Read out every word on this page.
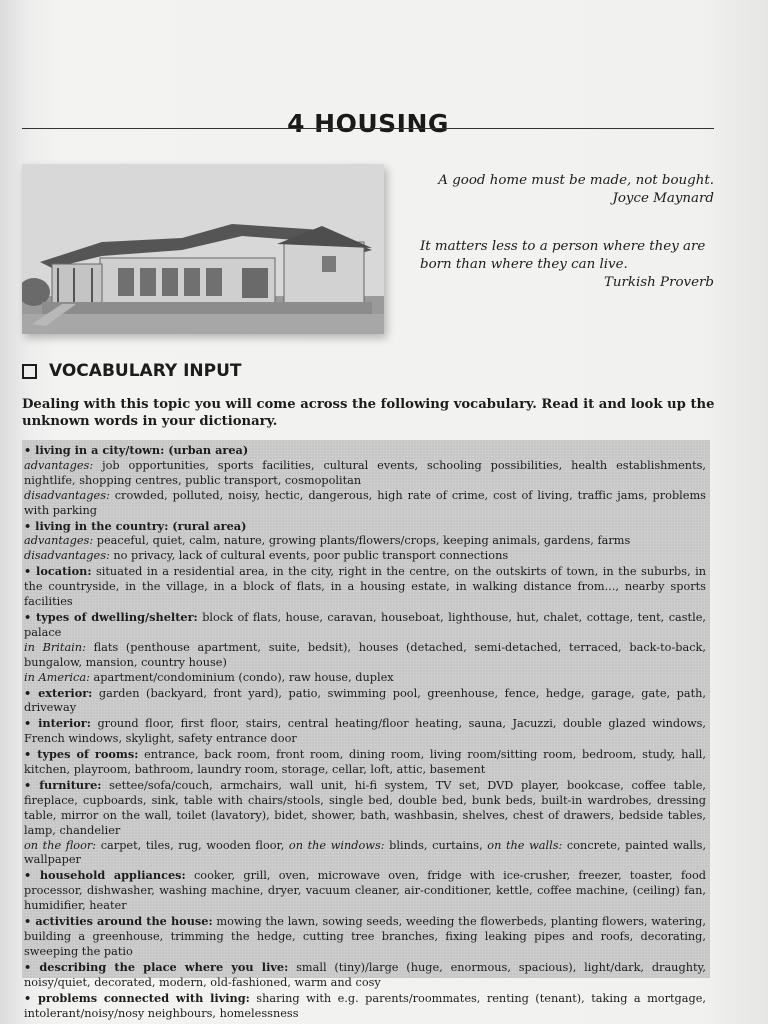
4 HOUSING
A good home must be made, not bought.
Joyce Maynard
It matters less to a person where they are born than where they can live.
Turkish Proverb
VOCABULARY INPUT
Dealing with this topic you will come across the following vocabulary. Read it and look up the unknown words in your dictionary.

• living in a city/town: (urban area)
advantages: job opportunities, sports facilities, cultural events, schooling possibilities, health establishments, nightlife, shopping centres, public transport, cosmopolitan
disadvantages: crowded, polluted, noisy, hectic, dangerous, high rate of crime, cost of living, traffic jams, problems with parking

• living in the country: (rural area)
advantages: peaceful, quiet, calm, nature, growing plants/flowers/crops, keeping animals, gardens, farms
disadvantages: no privacy, lack of cultural events, poor public transport connections

• location: situated in a residential area, in the city, right in the centre, on the outskirts of town, in the suburbs, in the countryside, in the village, in a block of flats, in a housing estate, in walking distance from..., nearby sports facilities

• types of dwelling/shelter: block of flats, house, caravan, houseboat, lighthouse, hut, chalet, cottage, tent, castle, palace
in Britain: flats (penthouse apartment, suite, bedsit), houses (detached, semi-detached, terraced, back-to-back, bungalow, mansion, country house)
in America: apartment/condominium (condo), raw house, duplex

• exterior: garden (backyard, front yard), patio, swimming pool, greenhouse, fence, hedge, garage, gate, path, driveway

• interior: ground floor, first floor, stairs, central heating/floor heating, sauna, Jacuzzi, double glazed windows, French windows, skylight, safety entrance door

• types of rooms: entrance, back room, front room, dining room, living room/sitting room, bedroom, study, hall, kitchen, playroom, bathroom, laundry room, storage, cellar, loft, attic, basement

• furniture: settee/sofa/couch, armchairs, wall unit, hi-fi system, TV set, DVD player, bookcase, coffee table, fireplace, cupboards, sink, table with chairs/stools, single bed, double bed, bunk beds, built-in wardrobes, dressing table, mirror on the wall, toilet (lavatory), bidet, shower, bath, washbasin, shelves, chest of drawers, bedside tables, lamp, chandelier
on the floor: carpet, tiles, rug, wooden floor, on the windows: blinds, curtains, on the walls: concrete, painted walls, wallpaper

• household appliances: cooker, grill, oven, microwave oven, fridge with ice-crusher, freezer, toaster, food processor, dishwasher, washing machine, dryer, vacuum cleaner, air-conditioner, kettle, coffee machine, (ceiling) fan, humidifier, heater

• activities around the house: mowing the lawn, sowing seeds, weeding the flowerbeds, planting flowers, watering, building a greenhouse, trimming the hedge, cutting tree branches, fixing leaking pipes and roofs, decorating, sweeping the patio

• describing the place where you live: small (tiny)/large (huge, enormous, spacious), light/dark, draughty, noisy/quiet, decorated, modern, old-fashioned, warm and cosy

• problems connected with living: sharing with e.g. parents/roommates, renting (tenant), taking a mortgage, intolerant/noisy/nosy neighbours, homelessness
